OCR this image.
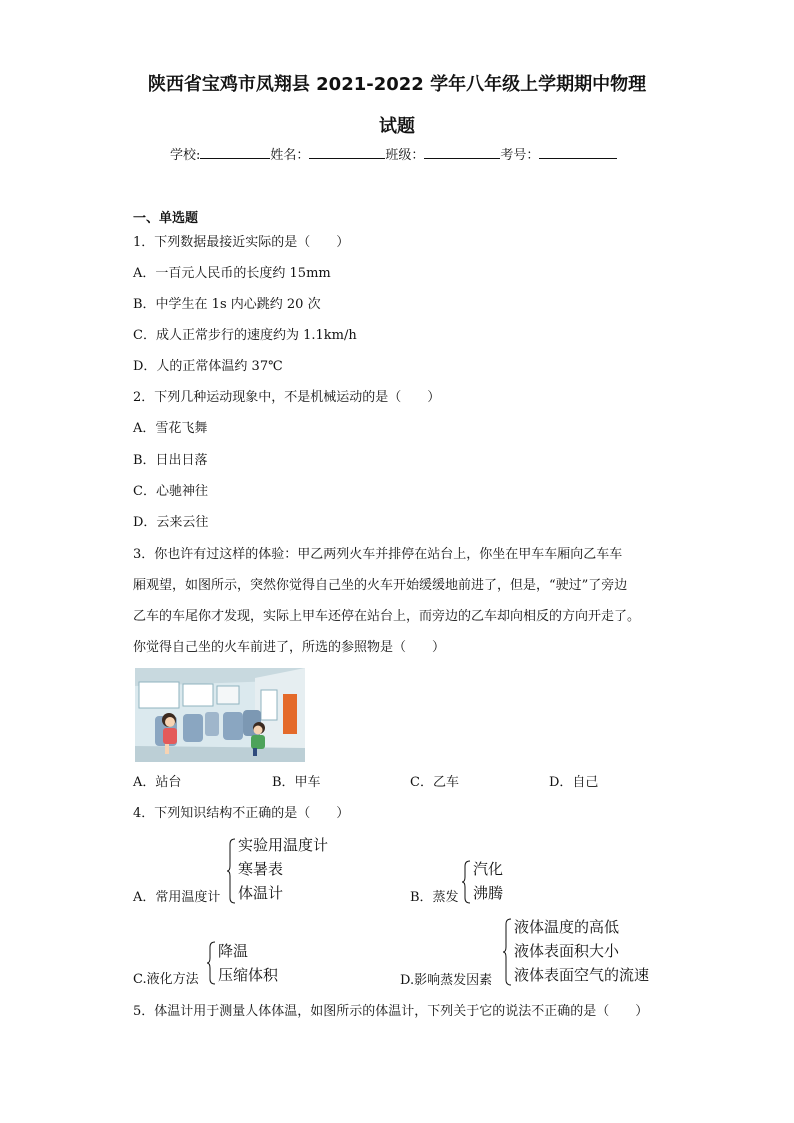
陕西省宝鸡市凤翔县 2021-2022 学年八年级上学期期中物理
试题
学校:	姓名：	班级：	考号：
一、单选题
1．下列数据最接近实际的是（　　）
A．一百元人民币的长度约 15mm
B．中学生在 1s 内心跳约 20 次
C．成人正常步行的速度约为 1.1km/h
D．人的正常体温约 37℃
2．下列几种运动现象中，不是机械运动的是（　　）
A．雪花飞舞
B．日出日落
C．心驰神往
D．云来云往
3．你也许有过这样的体验：甲乙两列火车并排停在站台上，你坐在甲车车厢向乙车车
厢观望，如图所示，突然你觉得自己坐的火车开始缓缓地前进了，但是，“驶过”了旁边
乙车的车尾你才发现，实际上甲车还停在站台上，而旁边的乙车却向相反的方向开走了。
你觉得自己坐的火车前进了，所选的参照物是（　　）
A．站台	B．甲车	C．乙车	D．自己
4．下列知识结构不正确的是（　　）
A．常用温度计
实验用温度计
寒暑表
体温计	B．蒸发
汽化
沸腾
C.液化方法
降温
压缩体积	D.影响蒸发因素
液体温度的高低
液体表面积大小
液体表面空气的流速
5．体温计用于测量人体体温，如图所示的体温计，下列关于它的说法不正确的是（　　）
